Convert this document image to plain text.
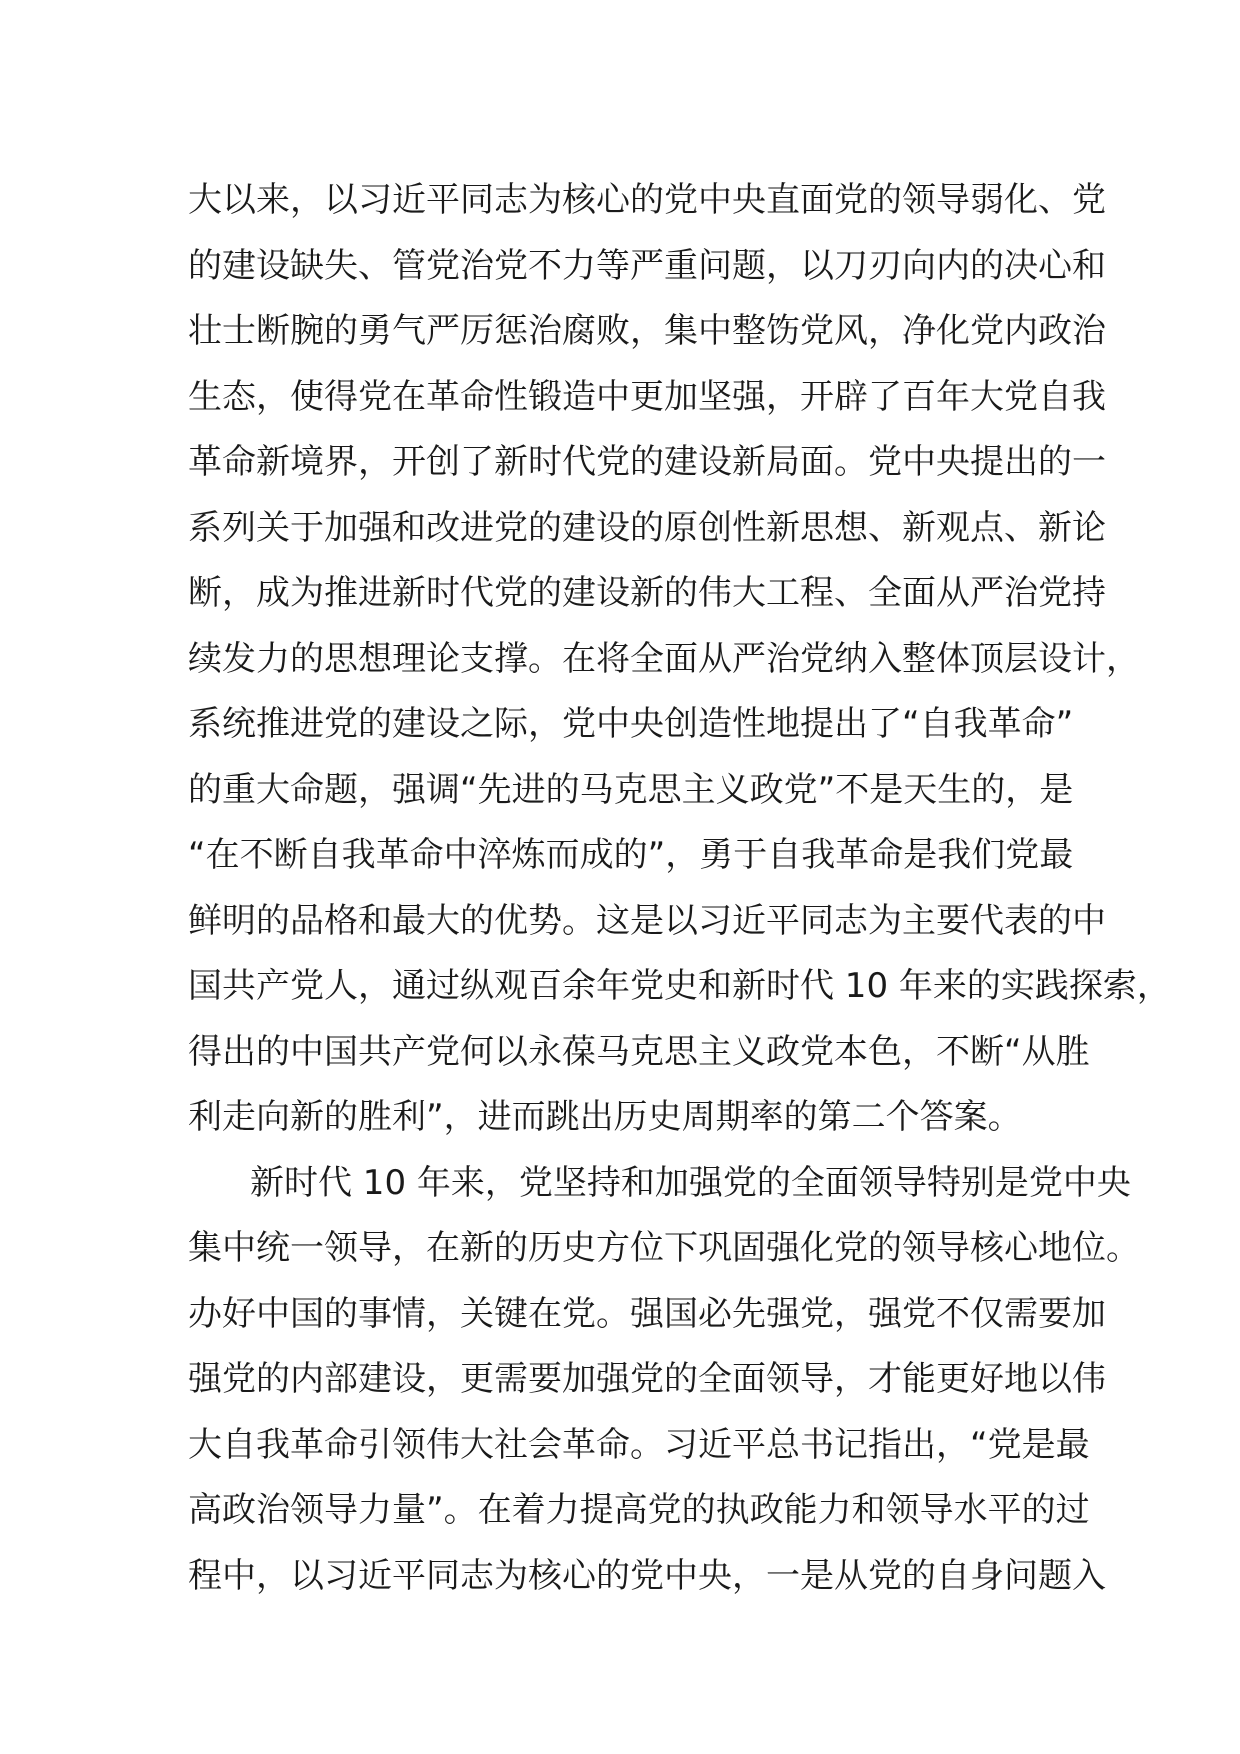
大以来，以习近平同志为核心的党中央直面党的领导弱化、党
的建设缺失、管党治党不力等严重问题，以刀刃向内的决心和
壮士断腕的勇气严厉惩治腐败，集中整饬党风，净化党内政治
生态，使得党在革命性锻造中更加坚强，开辟了百年大党自我
革命新境界，开创了新时代党的建设新局面。党中央提出的一
系列关于加强和改进党的建设的原创性新思想、新观点、新论
断，成为推进新时代党的建设新的伟大工程、全面从严治党持
续发力的思想理论支撑。在将全面从严治党纳入整体顶层设计，
系统推进党的建设之际，党中央创造性地提出了“自我革命”
的重大命题，强调“先进的马克思主义政党”不是天生的，是
“在不断自我革命中淬炼而成的”，勇于自我革命是我们党最
鲜明的品格和最大的优势。这是以习近平同志为主要代表的中
国共产党人，通过纵观百余年党史和新时代 10 年来的实践探索，
得出的中国共产党何以永葆马克思主义政党本色，不断“从胜
利走向新的胜利”，进而跳出历史周期率的第二个答案。
新时代 10 年来，党坚持和加强党的全面领导特别是党中央
集中统一领导，在新的历史方位下巩固强化党的领导核心地位。
办好中国的事情，关键在党。强国必先强党，强党不仅需要加
强党的内部建设，更需要加强党的全面领导，才能更好地以伟
大自我革命引领伟大社会革命。习近平总书记指出，“党是最
高政治领导力量”。在着力提高党的执政能力和领导水平的过
程中，以习近平同志为核心的党中央，一是从党的自身问题入
